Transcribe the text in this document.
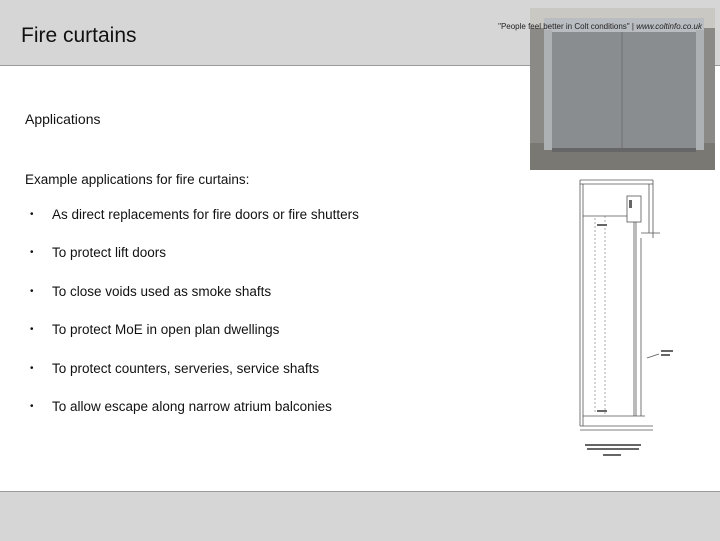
Fire curtains
Applications
Example applications for fire curtains:
• As direct replacements for fire doors or fire shutters
• To protect lift doors
• To close voids used as smoke shafts
• To protect MoE in open plan dwellings
• To protect counters, serveries, service shafts
• To allow escape along narrow atrium balconies
"People feel better in Colt conditions" | www.coltinfo.co.uk
